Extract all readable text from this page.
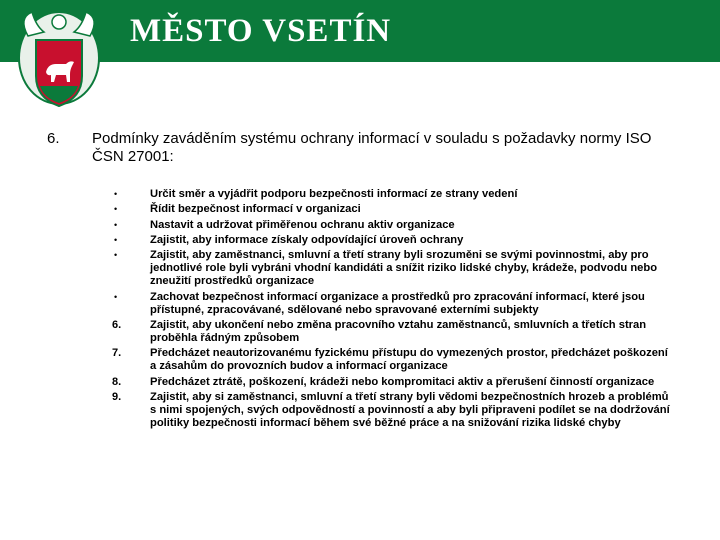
MĚSTO VSETÍN
6. Podmínky zaváděním systému ochrany informací v souladu s požadavky normy ISO ČSN 27001:
•	Určit směr a vyjádřit podporu bezpečnosti informací ze strany vedení
•	Řídit bezpečnost informací v organizaci
•	Nastavit a udržovat přiměřenou ochranu aktiv organizace
•	Zajistit, aby informace získaly odpovídající úroveň ochrany
•	Zajistit, aby zaměstnanci, smluvní a třetí strany byli srozuměni se svými povinnostmi, aby pro jednotlivé role byli vybráni vhodní kandidáti a snížit riziko lidské chyby, krádeže, podvodu nebo zneužití prostředků organizace
•	Zachovat bezpečnost informací organizace a prostředků pro zpracování informací, které jsou přístupné, zpracovávané, sdělované nebo spravované externími subjekty
6.	Zajistit, aby ukončení nebo změna pracovního vztahu zaměstnanců, smluvních a třetích stran proběhla řádným způsobem
7.	Předcházet neautorizovanému fyzickému přístupu do vymezených prostor, předcházet poškození a zásahům do provozních budov a informací organizace
8.	Předcházet ztrátě, poškození, krádeži nebo kompromitaci aktiv a přerušení činností organizace
9.	Zajistit, aby si zaměstnanci, smluvní a třetí strany byli vědomi bezpečnostních hrozeb a problémů s nimi spojených, svých odpovědností a povinností a aby byli připraveni podílet se na dodržování politiky bezpečnosti informací během své běžné práce a na snižování rizika lidské chyby
